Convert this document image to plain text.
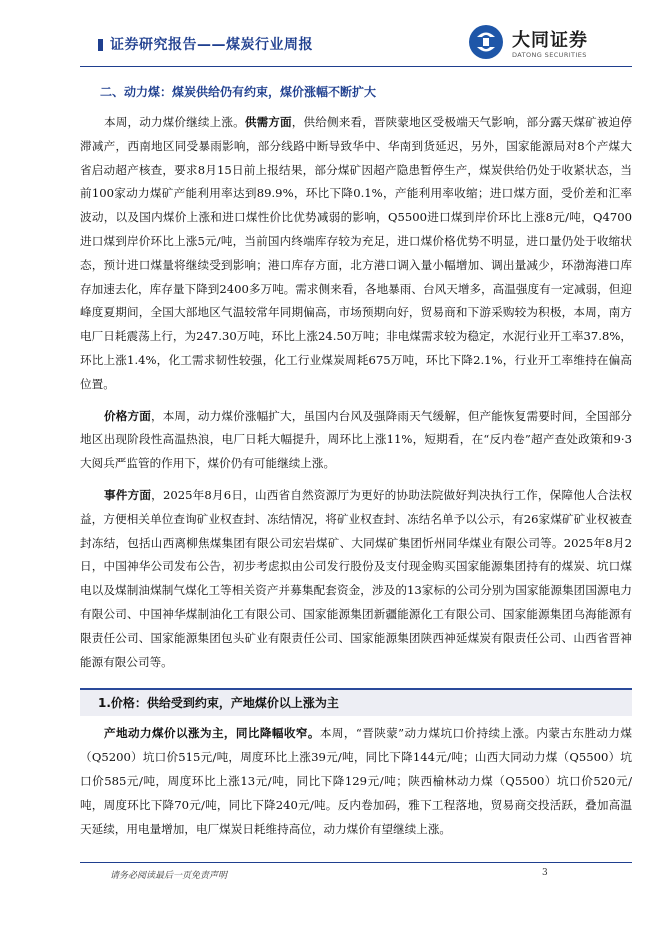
证券研究报告——煤炭行业周报	大同证券
DATONG SECURITIES
二、动力煤：煤炭供给仍有约束，煤价涨幅不断扩大

本周，动力煤价继续上涨。供需方面，供给侧来看，晋陕蒙地区受极端天气影响，部分露天煤矿被迫停滞减产，西南地区同受暴雨影响，部分线路中断导致华中、华南到货延迟，另外，国家能源局对8个产煤大省启动超产核查，要求8月15日前上报结果，部分煤矿因超产隐患暂停生产，煤炭供给仍处于收紧状态，当前100家动力煤矿产能利用率达到89.9%，环比下降0.1%，产能利用率收缩；进口煤方面，受价差和汇率波动，以及国内煤价上涨和进口煤性价比优势减弱的影响，Q5500进口煤到岸价环比上涨8元/吨，Q4700进口煤到岸价环比上涨5元/吨，当前国内终端库存较为充足，进口煤价格优势不明显，进口量仍处于收缩状态，预计进口煤量将继续受到影响；港口库存方面，北方港口调入量小幅增加、调出量减少，环渤海港口库存加速去化，库存量下降到2400多万吨。需求侧来看，各地暴雨、台风天增多，高温强度有一定减弱，但迎峰度夏期间，全国大部地区气温较常年同期偏高，市场预期向好，贸易商和下游采购较为积极，本周，南方电厂日耗震荡上行，为247.30万吨，环比上涨24.50万吨；非电煤需求较为稳定，水泥行业开工率37.8%，环比上涨1.4%，化工需求韧性较强，化工行业煤炭周耗675万吨，环比下降2.1%，行业开工率维持在偏高位置。

价格方面，本周，动力煤价涨幅扩大，虽国内台风及强降雨天气缓解，但产能恢复需要时间，全国部分地区出现阶段性高温热浪，电厂日耗大幅提升，周环比上涨11%，短期看，在“反内卷”超产查处政策和9·3大阅兵严监管的作用下，煤价仍有可能继续上涨。

事件方面，2025年8月6日，山西省自然资源厅为更好的协助法院做好判决执行工作，保障他人合法权益，方便相关单位查询矿业权查封、冻结情况，将矿业权查封、冻结名单予以公示，有26家煤矿矿业权被查封冻结，包括山西离柳焦煤集团有限公司宏岩煤矿、大同煤矿集团忻州同华煤业有限公司等。2025年8月2日，中国神华公司发布公告，初步考虑拟由公司发行股份及支付现金购买国家能源集团持有的煤炭、坑口煤电以及煤制油煤制气煤化工等相关资产并募集配套资金，涉及的13家标的公司分别为国家能源集团国源电力有限公司、中国神华煤制油化工有限公司、国家能源集团新疆能源化工有限公司、国家能源集团乌海能源有限责任公司、国家能源集团包头矿业有限责任公司、国家能源集团陕西神延煤炭有限责任公司、山西省晋神能源有限公司等。

1.价格：供给受到约束，产地煤价以上涨为主

产地动力煤价以涨为主，同比降幅收窄。本周，“晋陕蒙”动力煤坑口价持续上涨。内蒙古东胜动力煤（Q5200）坑口价515元/吨，周度环比上涨39元/吨，同比下降144元/吨；山西大同动力煤（Q5500）坑口价585元/吨，周度环比上涨13元/吨，同比下降129元/吨；陕西榆林动力煤（Q5500）坑口价520元/吨，周度环比下降70元/吨，同比下降240元/吨。反内卷加码，雅下工程落地，贸易商交投活跃，叠加高温天延续，用电量增加，电厂煤炭日耗维持高位，动力煤价有望继续上涨。

请务必阅读最后一页免责声明	3
